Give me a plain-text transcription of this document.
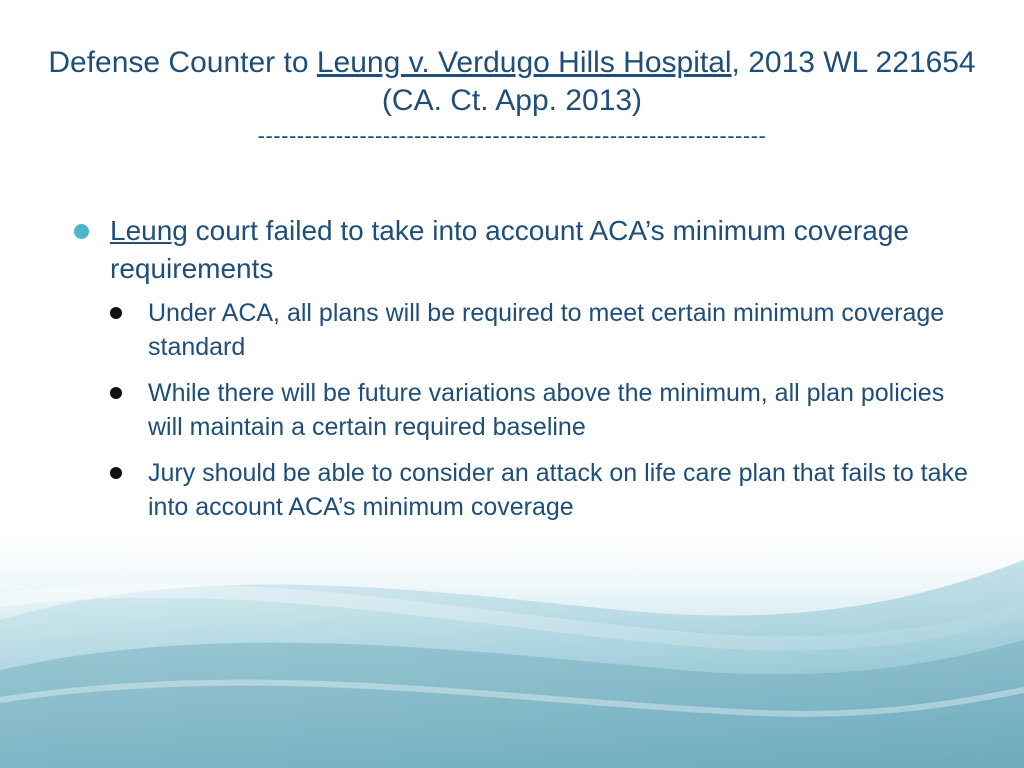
Defense Counter to Leung v. Verdugo Hills Hospital, 2013 WL 221654 (CA. Ct. App. 2013)
-----------------------------------------------------------------
Leung court failed to take into account ACA’s minimum coverage requirements
Under ACA, all plans will be required to meet certain minimum coverage standard
While there will be future variations above the minimum, all plan policies will maintain a certain required baseline
Jury should be able to consider an attack on life care plan that fails to take into account ACA’s minimum coverage
